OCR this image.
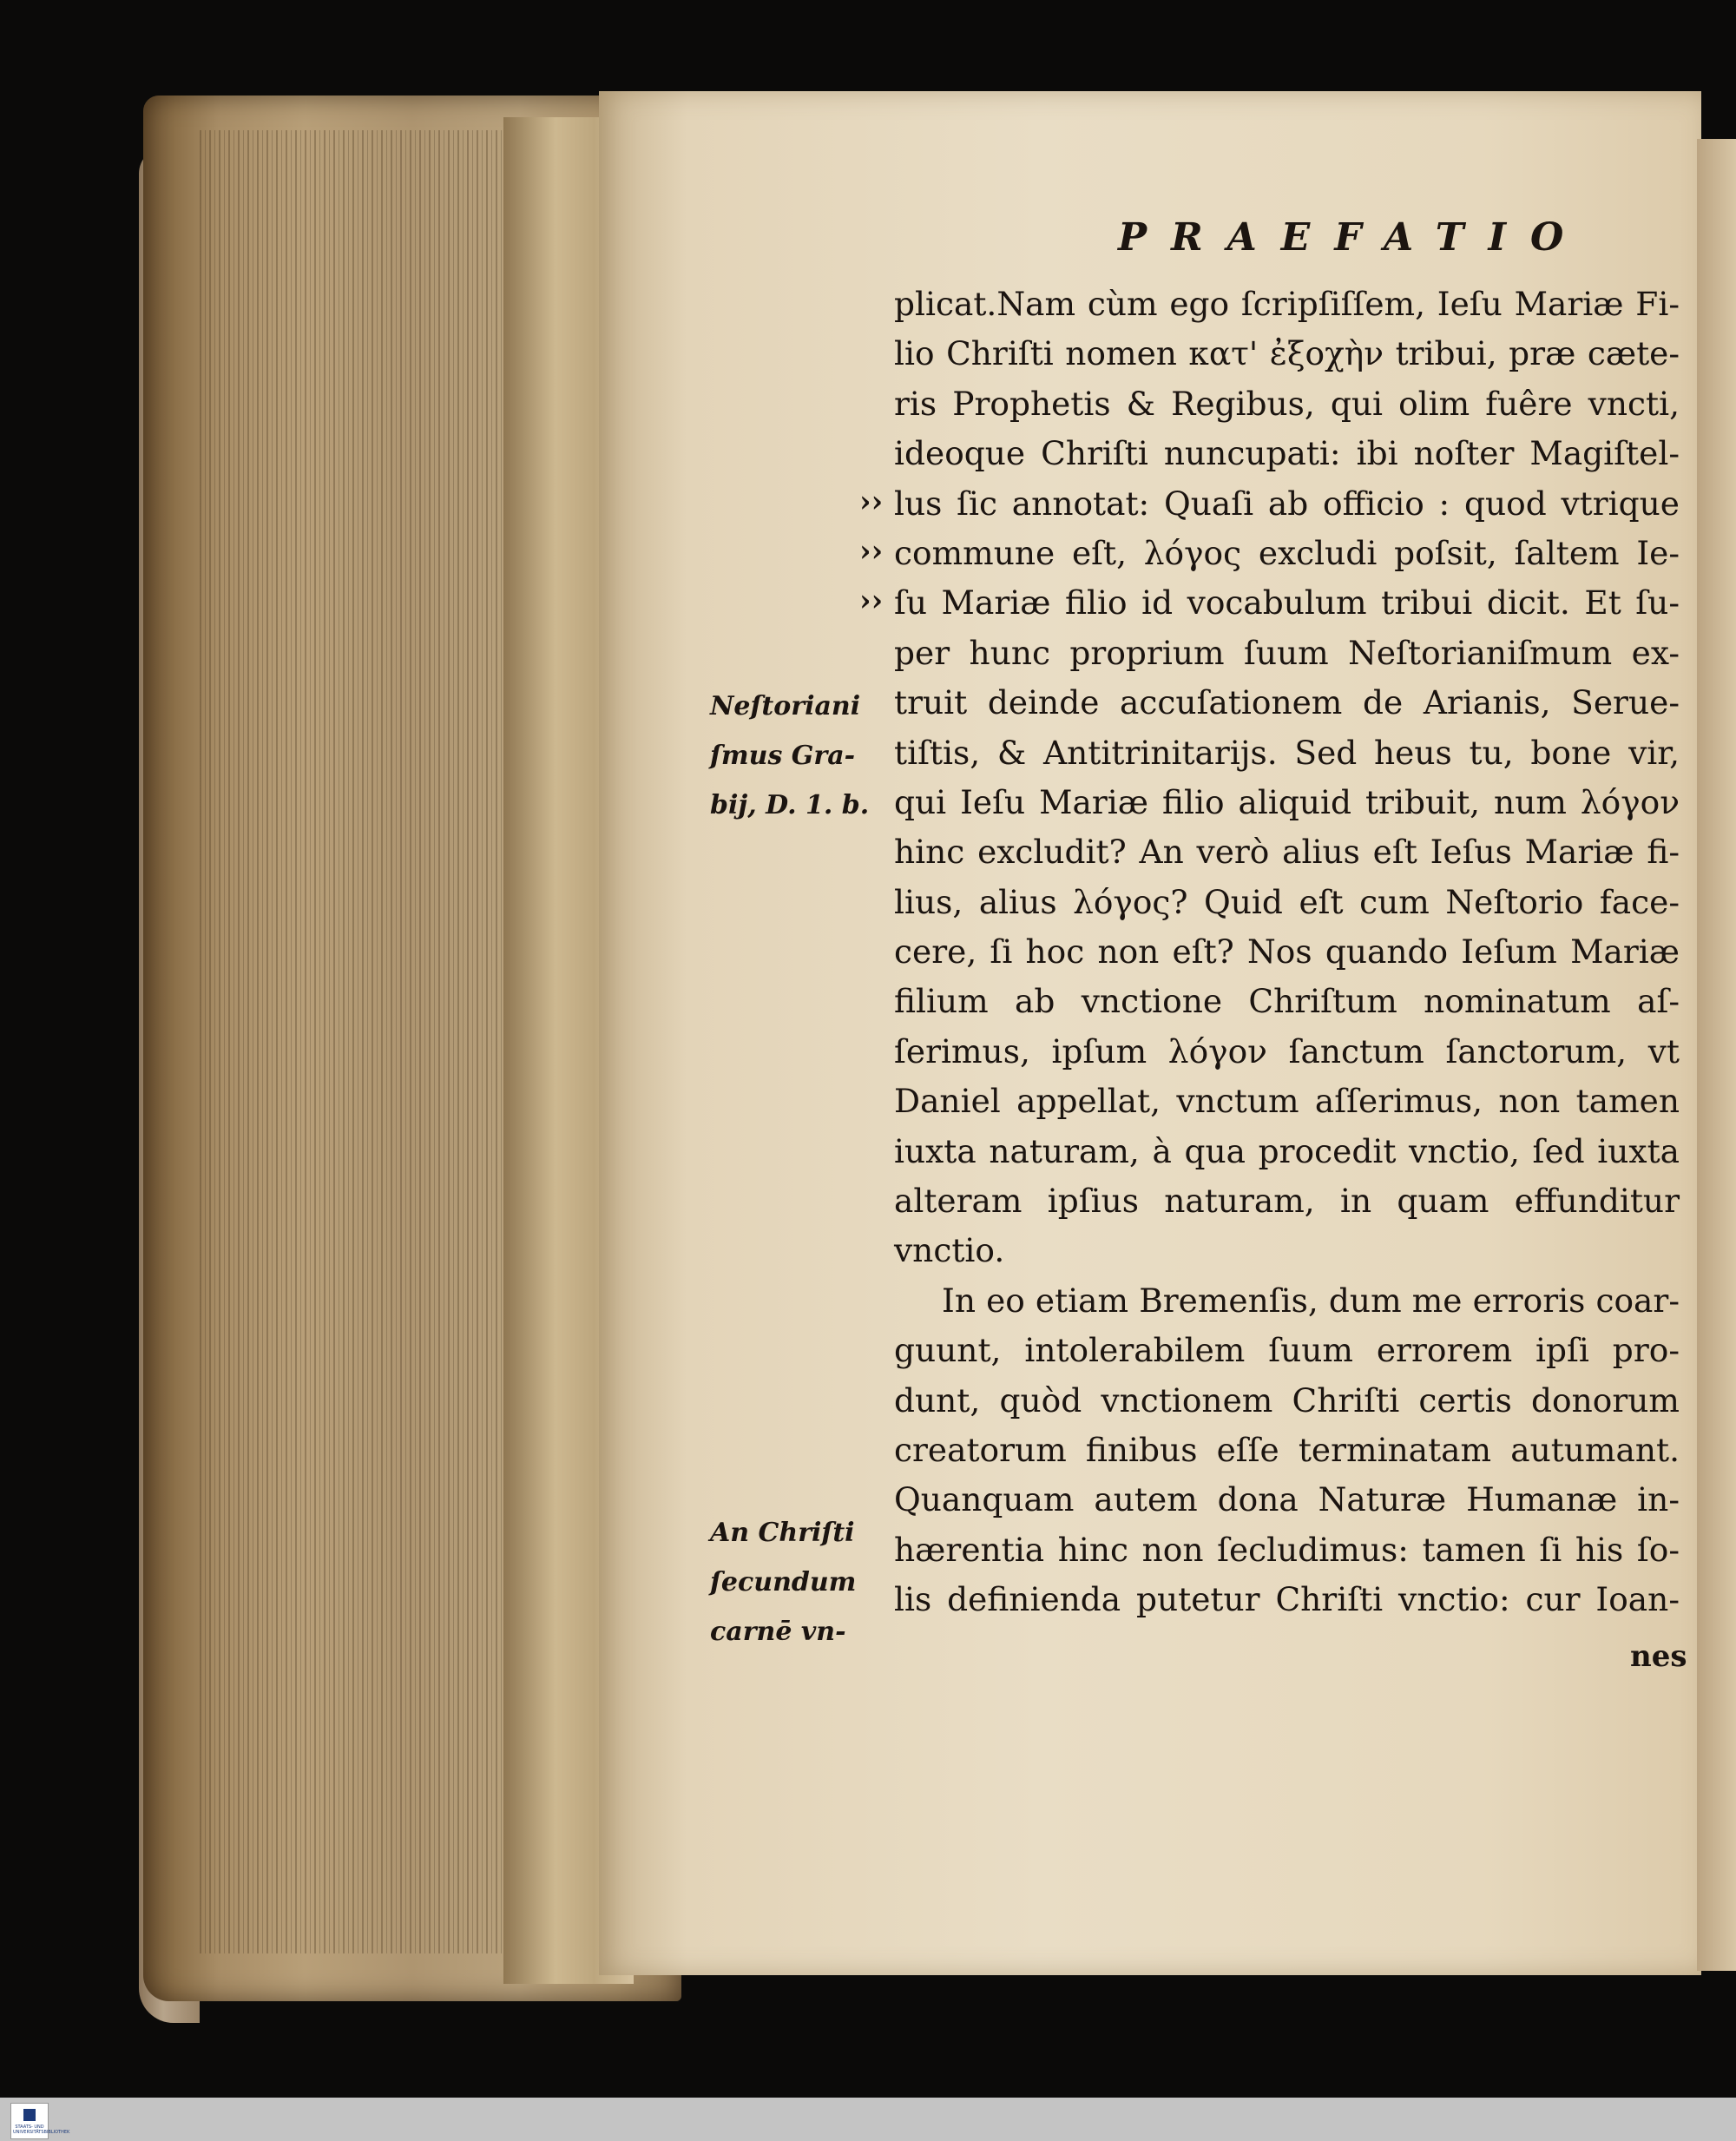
PRAEFATIO
plicat.Nam cùm ego ſcripſiſſem, Ieſu Mariæ Fi-
lio Chriſti nomen κατ' ἐξοχὴν tribui, præ cæte-
ris Prophetis & Regibus, qui olim fuêre vncti,
ideoque Chriſti nuncupati: ibi noſter Magiſtel-
lus ſic annotat: Quaſi ab officio : quod vtrique
commune eſt, λόγος excludi poſsit, ſaltem Ie-
ſu Mariæ filio id vocabulum tribui dicit. Et ſu-
per hunc proprium ſuum Neſtorianiſmum ex-
truit deinde accuſationem de Arianis, Serue-
tiſtis, & Antitrinitarijs. Sed heus tu, bone vir,
qui Ieſu Mariæ filio aliquid tribuit, num λόγον
hinc excludit? An verò alius eſt Ieſus Mariæ fi-
lius, alius λόγος? Quid eſt cum Neſtorio face-
cere, ſi hoc non eſt? Nos quando Ieſum Mariæ
filium ab vnctione Chriſtum nominatum aſ-
ſerimus, ipſum λόγον ſanctum ſanctorum, vt
Daniel appellat, vnctum aſſerimus, non tamen
iuxta naturam, à qua procedit vnctio, ſed iuxta
alteram ipſius naturam, in quam effunditur
vnctio.
In eo etiam Bremenſis, dum me erroris coar-
guunt, intolerabilem ſuum errorem ipſi pro-
dunt, quòd vnctionem Chriſti certis donorum
creatorum finibus eſſe terminatam autumant.
Quanquam autem dona Naturæ Humanæ in-
hærentia hinc non ſecludimus: tamen ſi his ſo-
lis definienda putetur Chriſti vnctio: cur Ioan-
››
››
››
Neſtoriani
ſmus Gra-
bij, D. 1. b.
An Chriſti
ſecundum
carnē vn-
nes
STAATS- UND UNIVERSITÄTSBIBLIOTHEK
